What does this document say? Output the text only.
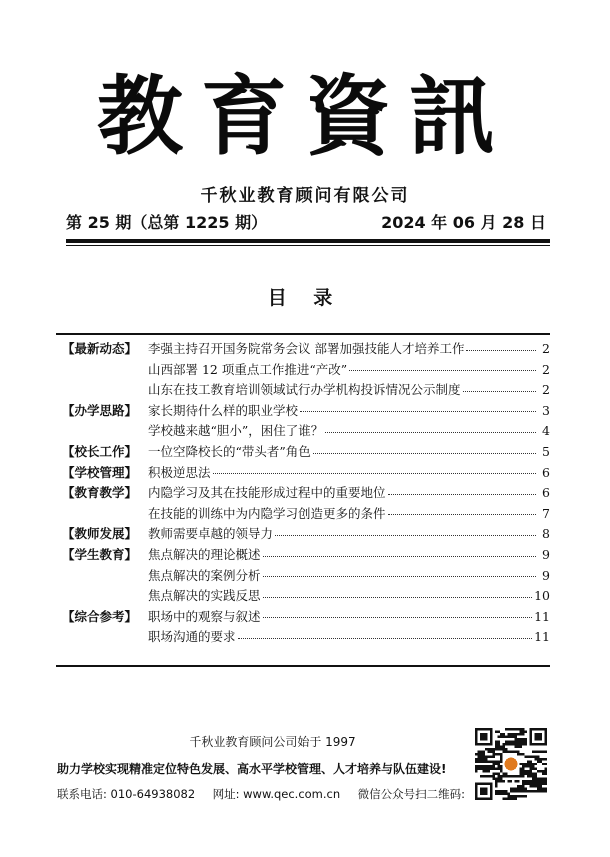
教育資訊
千秋业教育顾问有限公司
第 25 期（总第 1225 期）	2024 年 06 月 28 日
目 录
【最新动态】 李强主持召开国务院常务会议 部署加强技能人才培养工作	2
山西部署 12 项重点工作推进“产改”	2
山东在技工教育培训领域试行办学机构投诉情况公示制度	2
【办学思路】 家长期待什么样的职业学校	3
学校越来越“胆小”，困住了谁？	4
【校长工作】 一位空降校长的“带头者”角色	5
【学校管理】 积极逆思法	6
【教育教学】 内隐学习及其在技能形成过程中的重要地位	6
在技能的训练中为内隐学习创造更多的条件	7
【教师发展】 教师需要卓越的领导力	8
【学生教育】 焦点解决的理论概述	9
焦点解决的案例分析	9
焦点解决的实践反思	10
【综合参考】 职场中的观察与叙述	11
职场沟通的要求	11
千秋业教育顾问公司始于 1997
助力学校实现精准定位特色发展、高水平学校管理、人才培养与队伍建设!
联系电话: 010-64938082 网址: www.qec.com.cn 微信公众号扫二维码:
